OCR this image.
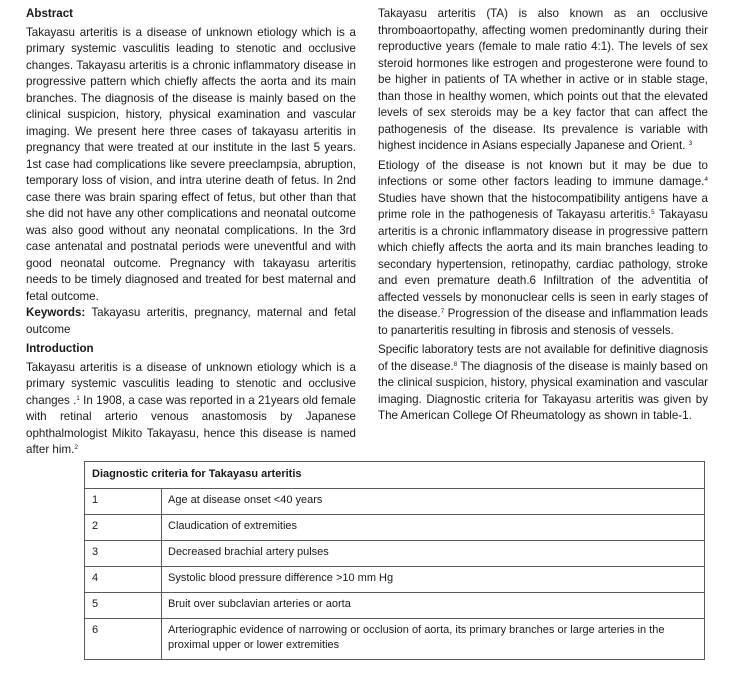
Abstract

Takayasu arteritis is a disease of unknown etiology which is a primary systemic vasculitis leading to stenotic and occlusive changes. Takayasu arteritis is a chronic inflammatory disease in progressive pattern which chiefly affects the aorta and its main branches. The diagnosis of the disease is mainly based on the clinical suspicion, history, physical examination and vascular imaging. We present here three cases of takayasu arteritis in pregnancy that were treated at our institute in the last 5 years. 1st case had complications like severe preeclampsia, abruption, temporary loss of vision, and intra uterine death of fetus. In 2nd case there was brain sparing effect of fetus, but other than that she did not have any other complications and neonatal outcome was also good without any neonatal complications. In the 3rd case antenatal and postnatal periods were uneventful and with good neonatal outcome. Pregnancy with takayasu arteritis needs to be timely diagnosed and treated for best maternal and fetal outcome.

Keywords: Takayasu arteritis, pregnancy, maternal and fetal outcome

Introduction

Takayasu arteritis is a disease of unknown etiology which is a primary systemic vasculitis leading to stenotic and occlusive changes .$^1$ In 1908, a case was reported in a 21years old female with retinal arterio venous anastomosis by Japanese ophthalmologist Mikito Takayasu, hence this disease is named after him.$^2$

Takayasu arteritis (TA) is also known as an occlusive thromboaortopathy, affecting women predominantly during their reproductive years (female to male ratio 4:1). The levels of sex steroid hormones like estrogen and progesterone were found to be higher in patients of TA whether in active or in stable stage, than those in healthy women, which points out that the elevated levels of sex steroids may be a key factor that can affect the pathogenesis of the disease. Its prevalence is variable with highest incidence in Asians especially Japanese and Orient. $^3$

Etiology of the disease is not known but it may be due to infections or some other factors leading to immune damage.$^4$ Studies have shown that the histocompatibility antigens have a prime role in the pathogenesis of Takayasu arteritis.$^5$ Takayasu arteritis is a chronic inflammatory disease in progressive pattern which chiefly affects the aorta and its main branches leading to secondary hypertension, retinopathy, cardiac pathology, stroke and even premature death.6 Infiltration of the adventitia of affected vessels by mononuclear cells is seen in early stages of the disease.$^7$ Progression of the disease and inflammation leads to panarteritis resulting in fibrosis and stenosis of vessels.

Specific laboratory tests are not available for definitive diagnosis of the disease.$^8$ The diagnosis of the disease is mainly based on the clinical suspicion, history, physical examination and vascular imaging. Diagnostic criteria for Takayasu arteritis was given by The American College Of Rheumatology as shown in table-1.

Diagnostic criteria for Takayasu arteritis	
1	Age at disease onset <40 years
2	Claudication of extremities
3	Decreased brachial artery pulses
4	Systolic blood pressure difference >10 mm Hg
5	Bruit over subclavian arteries or aorta
6	Arteriographic evidence of narrowing or occlusion of aorta, its primary branches or large arteries in the proximal upper or lower extremities
